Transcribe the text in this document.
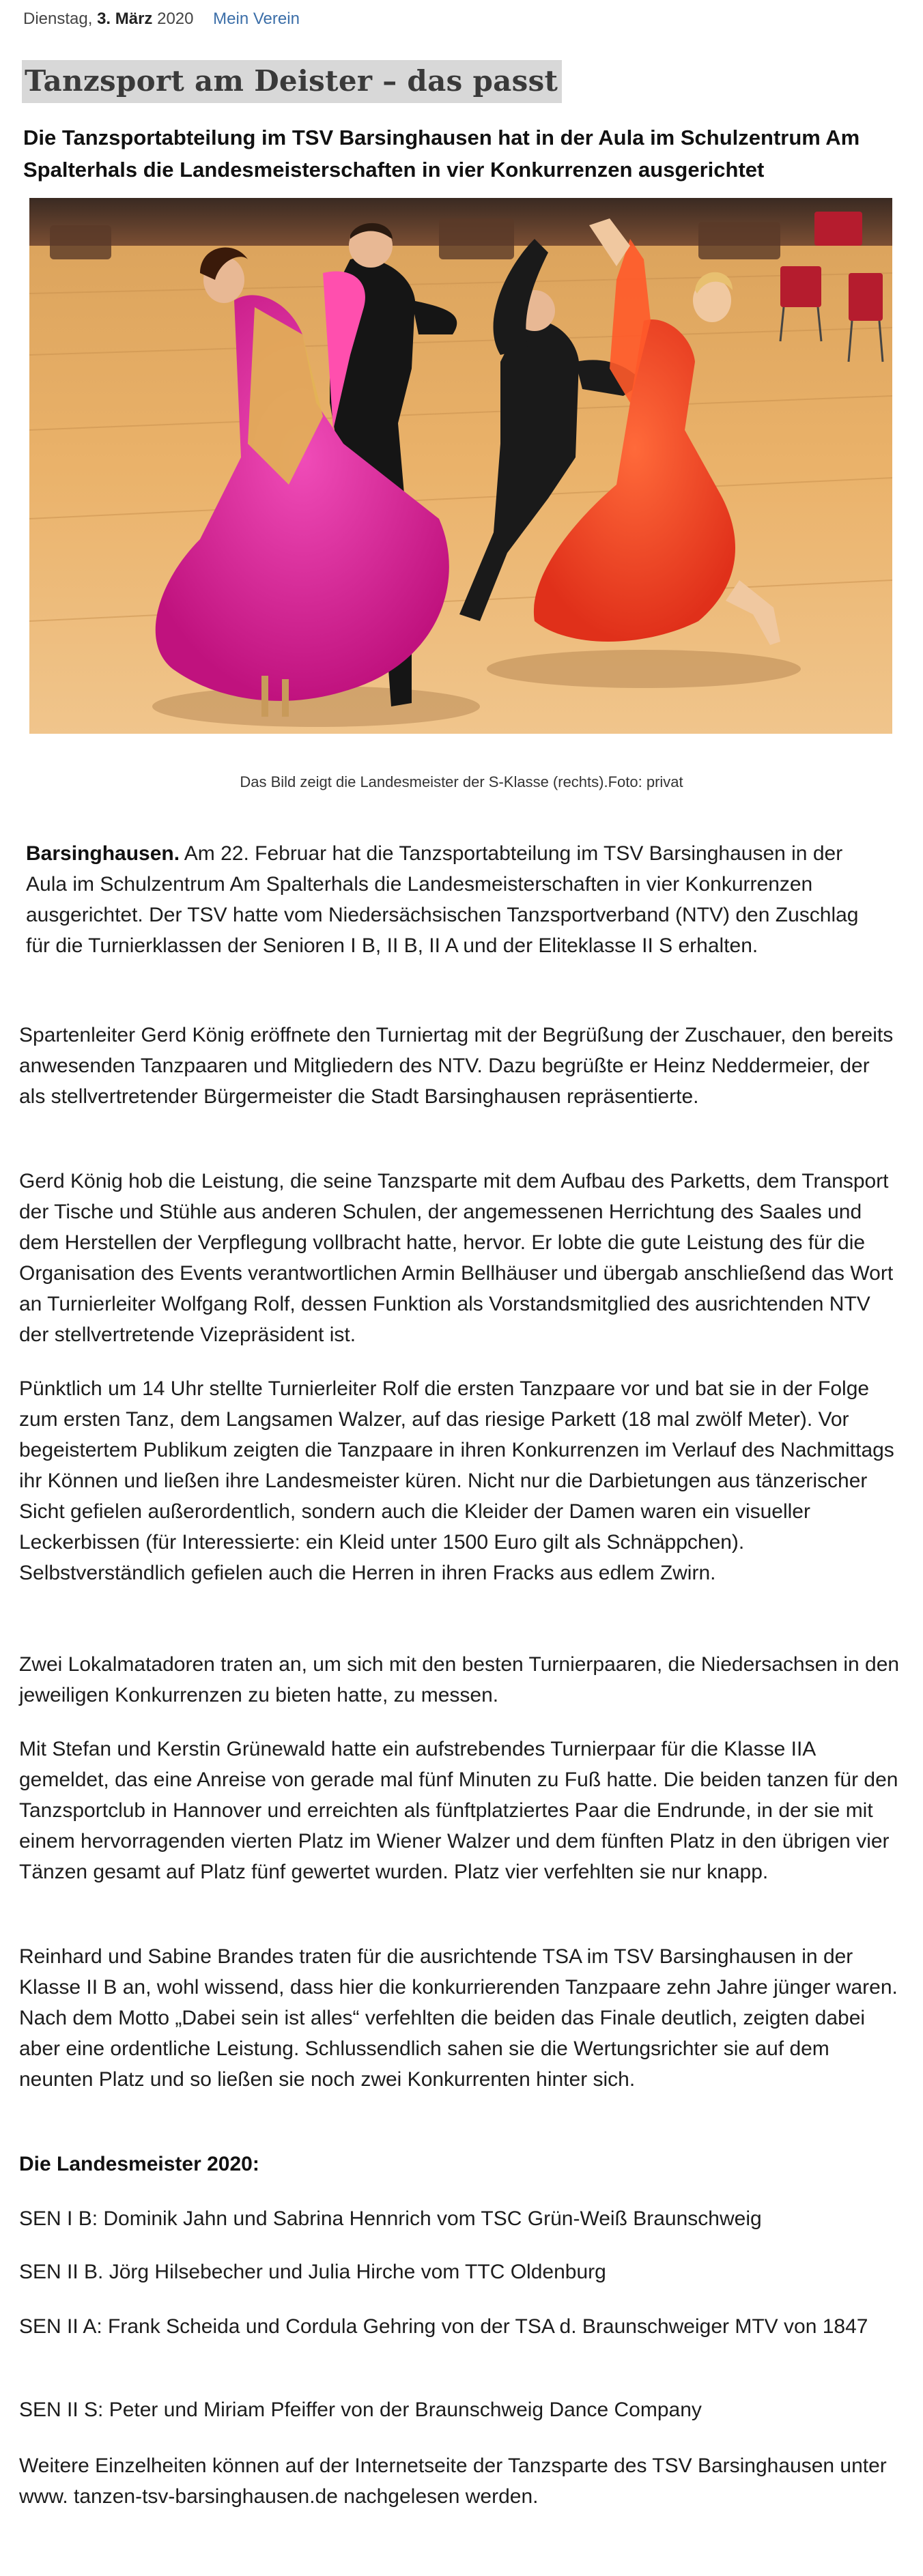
Dienstag, 3. März 2020 Mein Verein
Tanzsport am Deister – das passt
Die Tanzsportabteilung im TSV Barsinghausen hat in der Aula im Schulzentrum Am Spalterhals die Landesmeisterschaften in vier Konkurrenzen ausgerichtet
Das Bild zeigt die Landesmeister der S-Klasse (rechts).Foto: privat
Barsinghausen. Am 22. Februar hat die Tanzsportabteilung im TSV Barsinghausen in der Aula im Schulzentrum Am Spalterhals die Landesmeisterschaften in vier Konkurrenzen ausgerichtet. Der TSV hatte vom Niedersächsischen Tanzsportverband (NTV) den Zuschlag für die Turnierklassen der Senioren I B, II B, II A und der Eliteklasse II S erhalten.
Spartenleiter Gerd König eröffnete den Turniertag mit der Begrüßung der Zuschauer, den bereits anwesenden Tanzpaaren und Mitgliedern des NTV. Dazu begrüßte er Heinz Neddermeier, der als stellvertretender Bürgermeister die Stadt Barsinghausen repräsentierte.
Gerd König hob die Leistung, die seine Tanzsparte mit dem Aufbau des Parketts, dem Transport der Tische und Stühle aus anderen Schulen, der angemessenen Herrichtung des Saales und dem Herstellen der Verpflegung vollbracht hatte, hervor. Er lobte die gute Leistung des für die Organisation des Events verantwortlichen Armin Bellhäuser und übergab anschließend das Wort an Turnierleiter Wolfgang Rolf, dessen Funktion als Vorstandsmitglied des ausrichtenden NTV der stellvertretende Vizepräsident ist.
Pünktlich um 14 Uhr stellte Turnierleiter Rolf die ersten Tanzpaare vor und bat sie in der Folge zum ersten Tanz, dem Langsamen Walzer, auf das riesige Parkett (18 mal zwölf Meter). Vor begeistertem Publikum zeigten die Tanzpaare in ihren Konkurrenzen im Verlauf des Nachmittags ihr Können und ließen ihre Landesmeister küren. Nicht nur die Darbietungen aus tänzerischer Sicht gefielen außerordentlich, sondern auch die Kleider der Damen waren ein visueller Leckerbissen (für Interessierte: ein Kleid unter 1500 Euro gilt als Schnäppchen). Selbstverständlich gefielen auch die Herren in ihren Fracks aus edlem Zwirn.
Zwei Lokalmatadoren traten an, um sich mit den besten Turnierpaaren, die Niedersachsen in den jeweiligen Konkurrenzen zu bieten hatte, zu messen.
Mit Stefan und Kerstin Grünewald hatte ein aufstrebendes Turnierpaar für die Klasse IIA gemeldet, das eine Anreise von gerade mal fünf Minuten zu Fuß hatte. Die beiden tanzen für den Tanzsportclub in Hannover und erreichten als fünftplatziertes Paar die Endrunde, in der sie mit einem hervorragenden vierten Platz im Wiener Walzer und dem fünften Platz in den übrigen vier Tänzen gesamt auf Platz fünf gewertet wurden. Platz vier verfehlten sie nur knapp.
Reinhard und Sabine Brandes traten für die ausrichtende TSA im TSV Barsinghausen in der Klasse II B an, wohl wissend, dass hier die konkurrierenden Tanzpaare zehn Jahre jünger waren. Nach dem Motto „Dabei sein ist alles“ verfehlten die beiden das Finale deutlich, zeigten dabei aber eine ordentliche Leistung. Schlussendlich sahen sie die Wertungsrichter sie auf dem neunten Platz und so ließen sie noch zwei Konkurrenten hinter sich.
Die Landesmeister 2020:
SEN I B: Dominik Jahn und Sabrina Hennrich vom TSC Grün-Weiß Braunschweig
SEN II B. Jörg Hilsebecher und Julia Hirche vom TTC Oldenburg
SEN II A: Frank Scheida und Cordula Gehring von der TSA d. Braunschweiger MTV von 1847
SEN II S: Peter und Miriam Pfeiffer von der Braunschweig Dance Company
Weitere Einzelheiten können auf der Internetseite der Tanzsparte des TSV Barsinghausen unter www. tanzen-tsv-barsinghausen.de nachgelesen werden.
